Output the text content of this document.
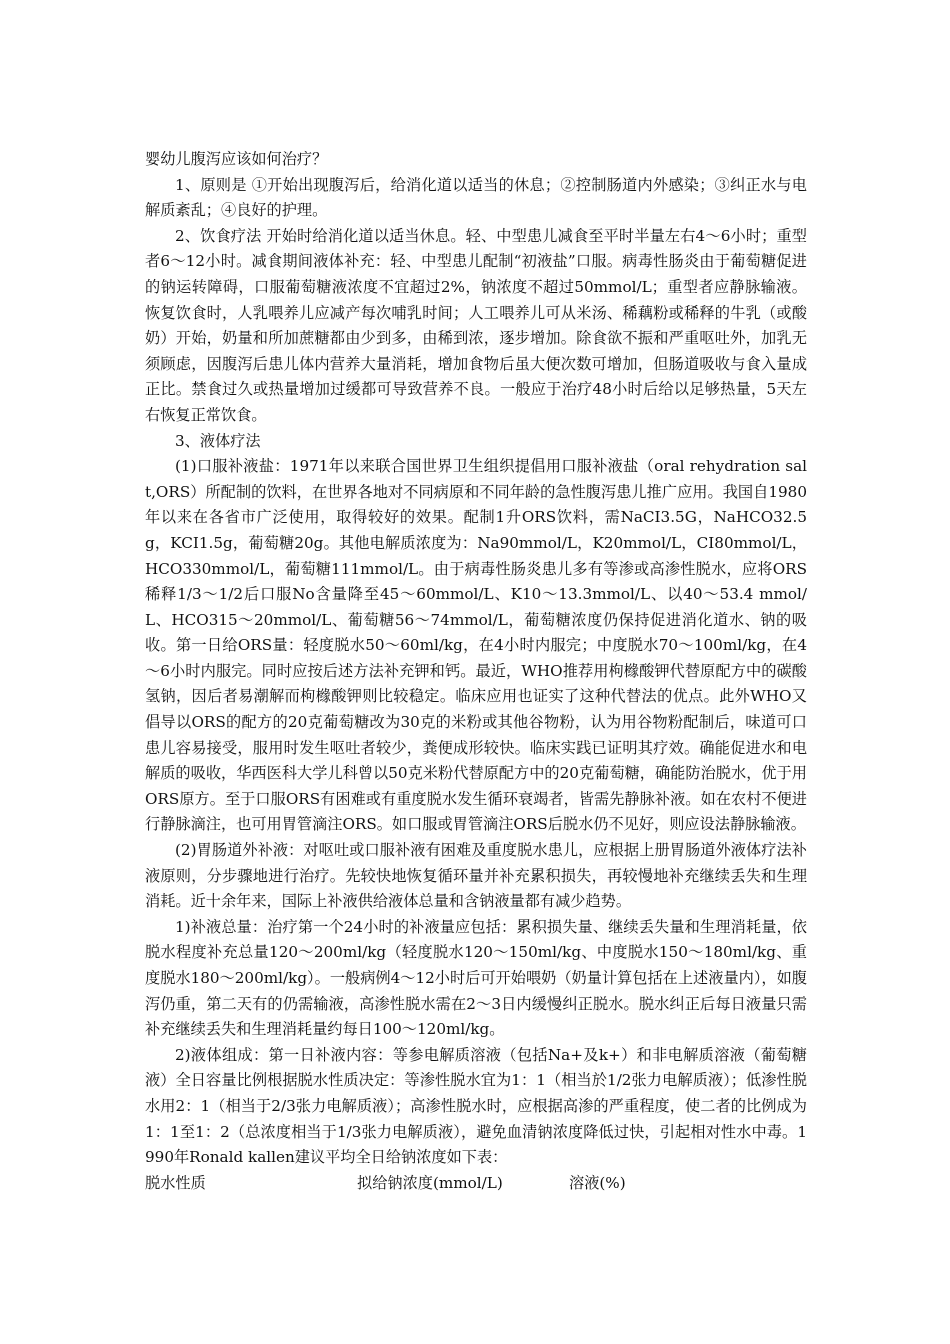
婴幼儿腹泻应该如何治疗？

1、原则是 ①开始出现腹泻后，给消化道以适当的休息；②控制肠道内外感染；③纠正水与电解质紊乱；④良好的护理。

2、饮食疗法 开始时给消化道以适当休息。轻、中型患儿减食至平时半量左右4～6小时；重型者6～12小时。减食期间液体补充：轻、中型患儿配制“初液盐”口服。病毒性肠炎由于葡萄糖促进的钠运转障碍，口服葡萄糖液浓度不宜超过2%，钠浓度不超过50mmol/L；重型者应静脉输液。恢复饮食时，人乳喂养儿应减产每次哺乳时间；人工喂养儿可从米汤、稀藕粉或稀释的牛乳（或酸奶）开始，奶量和所加蔗糖都由少到多，由稀到浓，逐步增加。除食欲不振和严重呕吐外，加乳无须顾虑，因腹泻后患儿体内营养大量消耗，增加食物后虽大便次数可增加，但肠道吸收与食入量成正比。禁食过久或热量增加过缓都可导致营养不良。一般应于治疗48小时后给以足够热量，5天左右恢复正常饮食。

3、液体疗法

(1)口服补液盐：1971年以来联合国世界卫生组织提倡用口服补液盐（oral rehydration salt,ORS）所配制的饮料，在世界各地对不同病原和不同年龄的急性腹泻患儿推广应用。我国自1980年以来在各省市广泛使用，取得较好的效果。配制1升ORS饮料，需NaCI3.5G，NaHCO32.5g，KCI1.5g，葡萄糖20g。其他电解质浓度为：Na90mmol/L，K20mmol/L，CI80mmol/L，HCO330mmol/L，葡萄糖111mmol/L。由于病毒性肠炎患儿多有等渗或高渗性脱水，应将ORS稀释1/3～1/2后口服No含量降至45～60mmol/L、K10～13.3mmol/L、以40～53.4 mmol/L、HCO315～20mmol/L、葡萄糖56～74mmol/L，葡萄糖浓度仍保持促进消化道水、钠的吸收。第一日给ORS量：轻度脱水50～60ml/kg，在4小时内服完；中度脱水70～100ml/kg，在4～6小时内服完。同时应按后述方法补充钾和钙。最近，WHO推荐用枸橼酸钾代替原配方中的碳酸氢钠，因后者易潮解而枸橼酸钾则比较稳定。临床应用也证实了这种代替法的优点。此外WHO又倡导以ORS的配方的20克葡萄糖改为30克的米粉或其他谷物粉，认为用谷物粉配制后，味道可口患儿容易接受，服用时发生呕吐者较少，粪便成形较快。临床实践已证明其疗效。确能促进水和电解质的吸收，华西医科大学儿科曾以50克米粉代替原配方中的20克葡萄糖，确能防治脱水，优于用ORS原方。至于口服ORS有困难或有重度脱水发生循环衰竭者，皆需先静脉补液。如在农村不便进行静脉滴注，也可用胃管滴注ORS。如口服或胃管滴注ORS后脱水仍不见好，则应设法静脉输液。

(2)胃肠道外补液：对呕吐或口服补液有困难及重度脱水患儿，应根据上册胃肠道外液体疗法补液原则，分步骤地进行治疗。先较快地恢复循环量并补充累积损失，再较慢地补充继续丢失和生理消耗。近十余年来，国际上补液供给液体总量和含钠液量都有减少趋势。

1)补液总量：治疗第一个24小时的补液量应包括：累积损失量、继续丢失量和生理消耗量，依脱水程度补充总量120～200ml/kg（轻度脱水120～150ml/kg、中度脱水150～180ml/kg、重度脱水180～200ml/kg）。一般病例4～12小时后可开始喂奶（奶量计算包括在上述液量内），如腹泻仍重，第二天有的仍需输液，高渗性脱水需在2～3日内缓慢纠正脱水。脱水纠正后每日液量只需补充继续丢失和生理消耗量约每日100～120ml/kg。

2)液体组成：第一日补液内容：等参电解质溶液（包括Na+及k+）和非电解质溶液（葡萄糖液）全日容量比例根据脱水性质决定：等渗性脱水宜为1：1（相当於1/2张力电解质液）；低渗性脱水用2：1（相当于2/3张力电解质液）；高渗性脱水时，应根据高渗的严重程度，使二者的比例成为1：1至1：2（总浓度相当于1/3张力电解质液），避免血清钠浓度降低过快，引起相对性水中毒。1990年Ronald kallen建议平均全日给钠浓度如下表：

脱水性质	拟给钠浓度(mmol/L)	溶液(%)
